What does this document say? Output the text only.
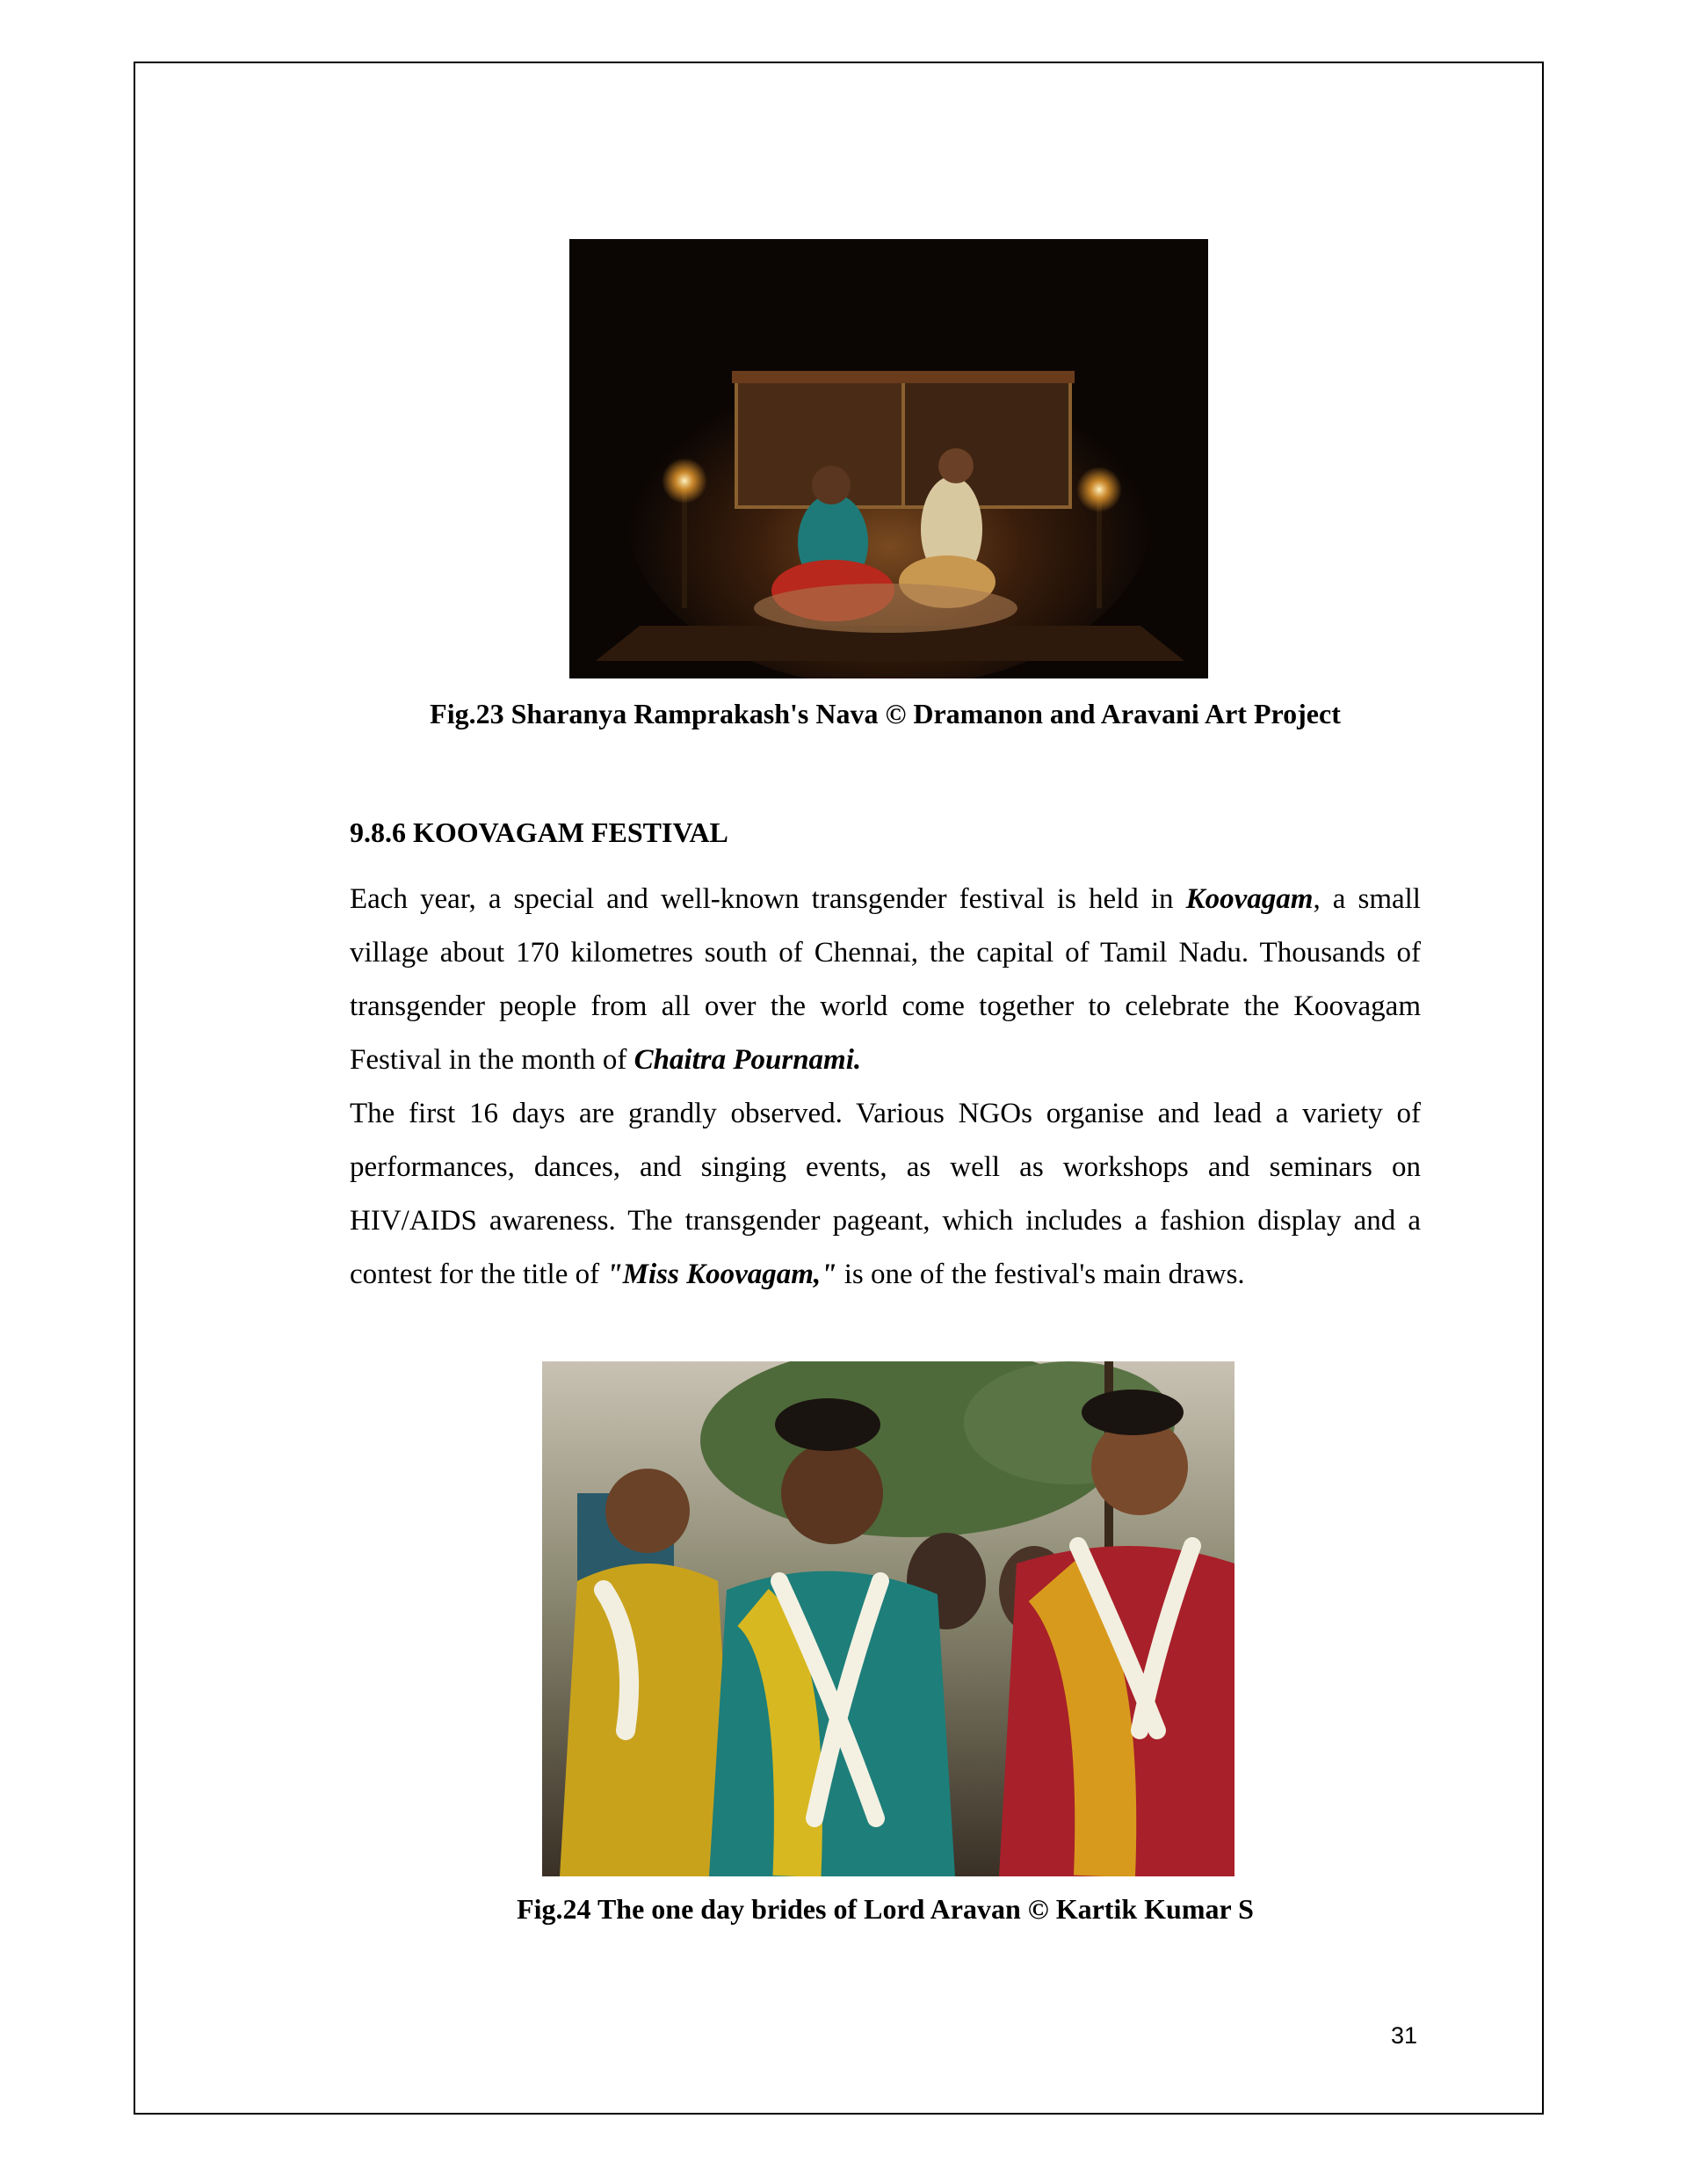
Fig.23 Sharanya Ramprakash's Nava © Dramanon and Aravani Art Project
9.8.6 KOOVAGAM FESTIVAL

Each year, a special and well-known transgender festival is held in Koovagam, a small village about 170 kilometres south of Chennai, the capital of Tamil Nadu. Thousands of transgender people from all over the world come together to celebrate the Koovagam Festival in the month of Chaitra Pournami.

The first 16 days are grandly observed. Various NGOs organise and lead a variety of performances, dances, and singing events, as well as workshops and seminars on HIV/AIDS awareness. The transgender pageant, which includes a fashion display and a contest for the title of "Miss Koovagam," is one of the festival's main draws.

Fig.24 The one day brides of Lord Aravan © Kartik Kumar S
31
